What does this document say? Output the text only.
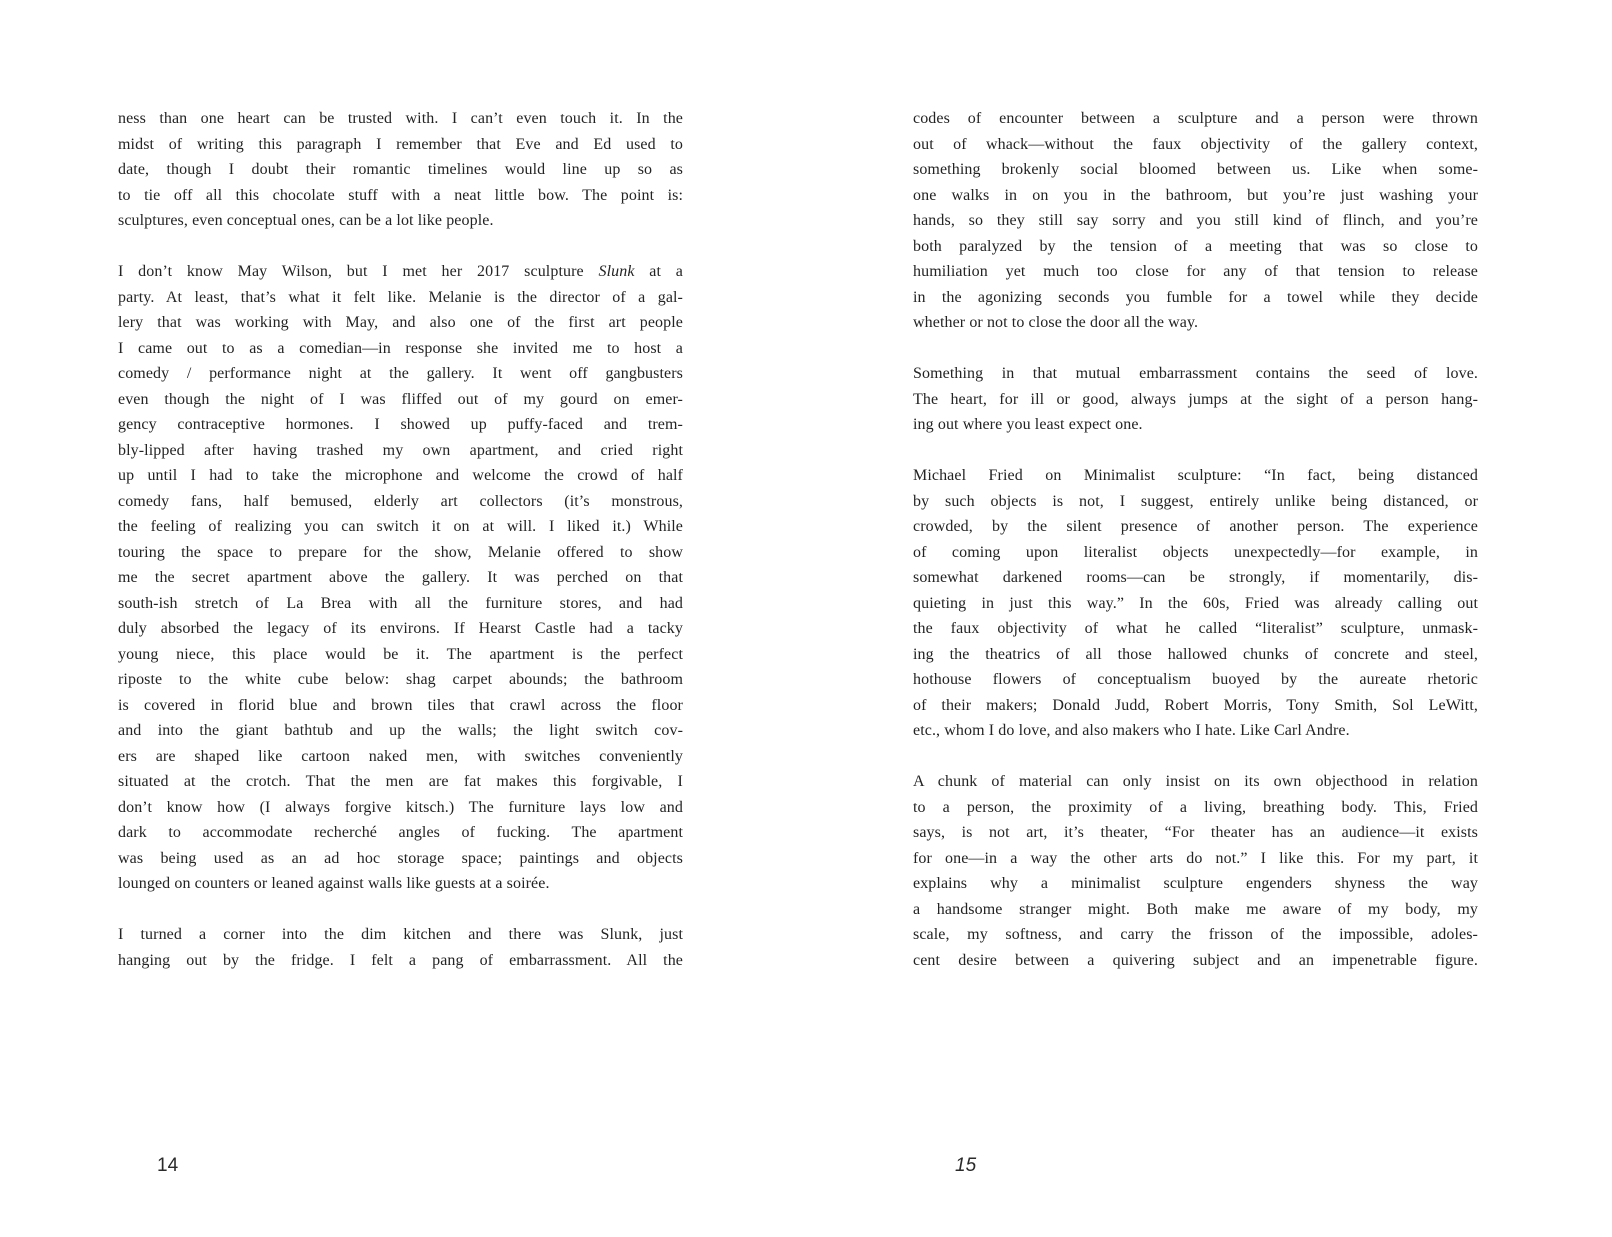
ness than one heart can be trusted with. I can’t even touch it. In the
midst of writing this paragraph I remember that Eve and Ed used to
date, though I doubt their romantic timelines would line up so as
to tie off all this chocolate stuff with a neat little bow. The point is:
sculptures, even conceptual ones, can be a lot like people.
I don’t know May Wilson, but I met her 2017 sculpture Slunk at a
party. At least, that’s what it felt like. Melanie is the director of a gal-
lery that was working with May, and also one of the first art people
I came out to as a comedian—in response she invited me to host a
comedy / performance night at the gallery. It went off gangbusters
even though the night of I was fliffed out of my gourd on emer-
gency contraceptive hormones. I showed up puffy-faced and trem-
bly-lipped after having trashed my own apartment, and cried right
up until I had to take the microphone and welcome the crowd of half
comedy fans, half bemused, elderly art collectors (it’s monstrous,
the feeling of realizing you can switch it on at will. I liked it.) While
touring the space to prepare for the show, Melanie offered to show
me the secret apartment above the gallery. It was perched on that
south-ish stretch of La Brea with all the furniture stores, and had
duly absorbed the legacy of its environs. If Hearst Castle had a tacky
young niece, this place would be it. The apartment is the perfect
riposte to the white cube below: shag carpet abounds; the bathroom
is covered in florid blue and brown tiles that crawl across the floor
and into the giant bathtub and up the walls; the light switch cov-
ers are shaped like cartoon naked men, with switches conveniently
situated at the crotch. That the men are fat makes this forgivable, I
don’t know how (I always forgive kitsch.) The furniture lays low and
dark to accommodate recherché angles of fucking. The apartment
was being used as an ad hoc storage space; paintings and objects
lounged on counters or leaned against walls like guests at a soirée.
I turned a corner into the dim kitchen and there was Slunk, just
hanging out by the fridge. I felt a pang of embarrassment. All the
14
codes of encounter between a sculpture and a person were thrown
out of whack—without the faux objectivity of the gallery context,
something brokenly social bloomed between us. Like when some-
one walks in on you in the bathroom, but you’re just washing your
hands, so they still say sorry and you still kind of flinch, and you’re
both paralyzed by the tension of a meeting that was so close to
humiliation yet much too close for any of that tension to release
in the agonizing seconds you fumble for a towel while they decide
whether or not to close the door all the way.
Something in that mutual embarrassment contains the seed of love.
The heart, for ill or good, always jumps at the sight of a person hang-
ing out where you least expect one.
Michael Fried on Minimalist sculpture: “In fact, being distanced
by such objects is not, I suggest, entirely unlike being distanced, or
crowded, by the silent presence of another person. The experience
of coming upon literalist objects unexpectedly—for example, in
somewhat darkened rooms—can be strongly, if momentarily, dis-
quieting in just this way.” In the 60s, Fried was already calling out
the faux objectivity of what he called “literalist” sculpture, unmask-
ing the theatrics of all those hallowed chunks of concrete and steel,
hothouse flowers of conceptualism buoyed by the aureate rhetoric
of their makers; Donald Judd, Robert Morris, Tony Smith, Sol LeWitt,
etc., whom I do love, and also makers who I hate. Like Carl Andre.
A chunk of material can only insist on its own objecthood in relation
to a person, the proximity of a living, breathing body. This, Fried
says, is not art, it’s theater, “For theater has an audience—it exists
for one—in a way the other arts do not.” I like this. For my part, it
explains why a minimalist sculpture engenders shyness the way
a handsome stranger might. Both make me aware of my body, my
scale, my softness, and carry the frisson of the impossible, adoles-
cent desire between a quivering subject and an impenetrable figure.
15
